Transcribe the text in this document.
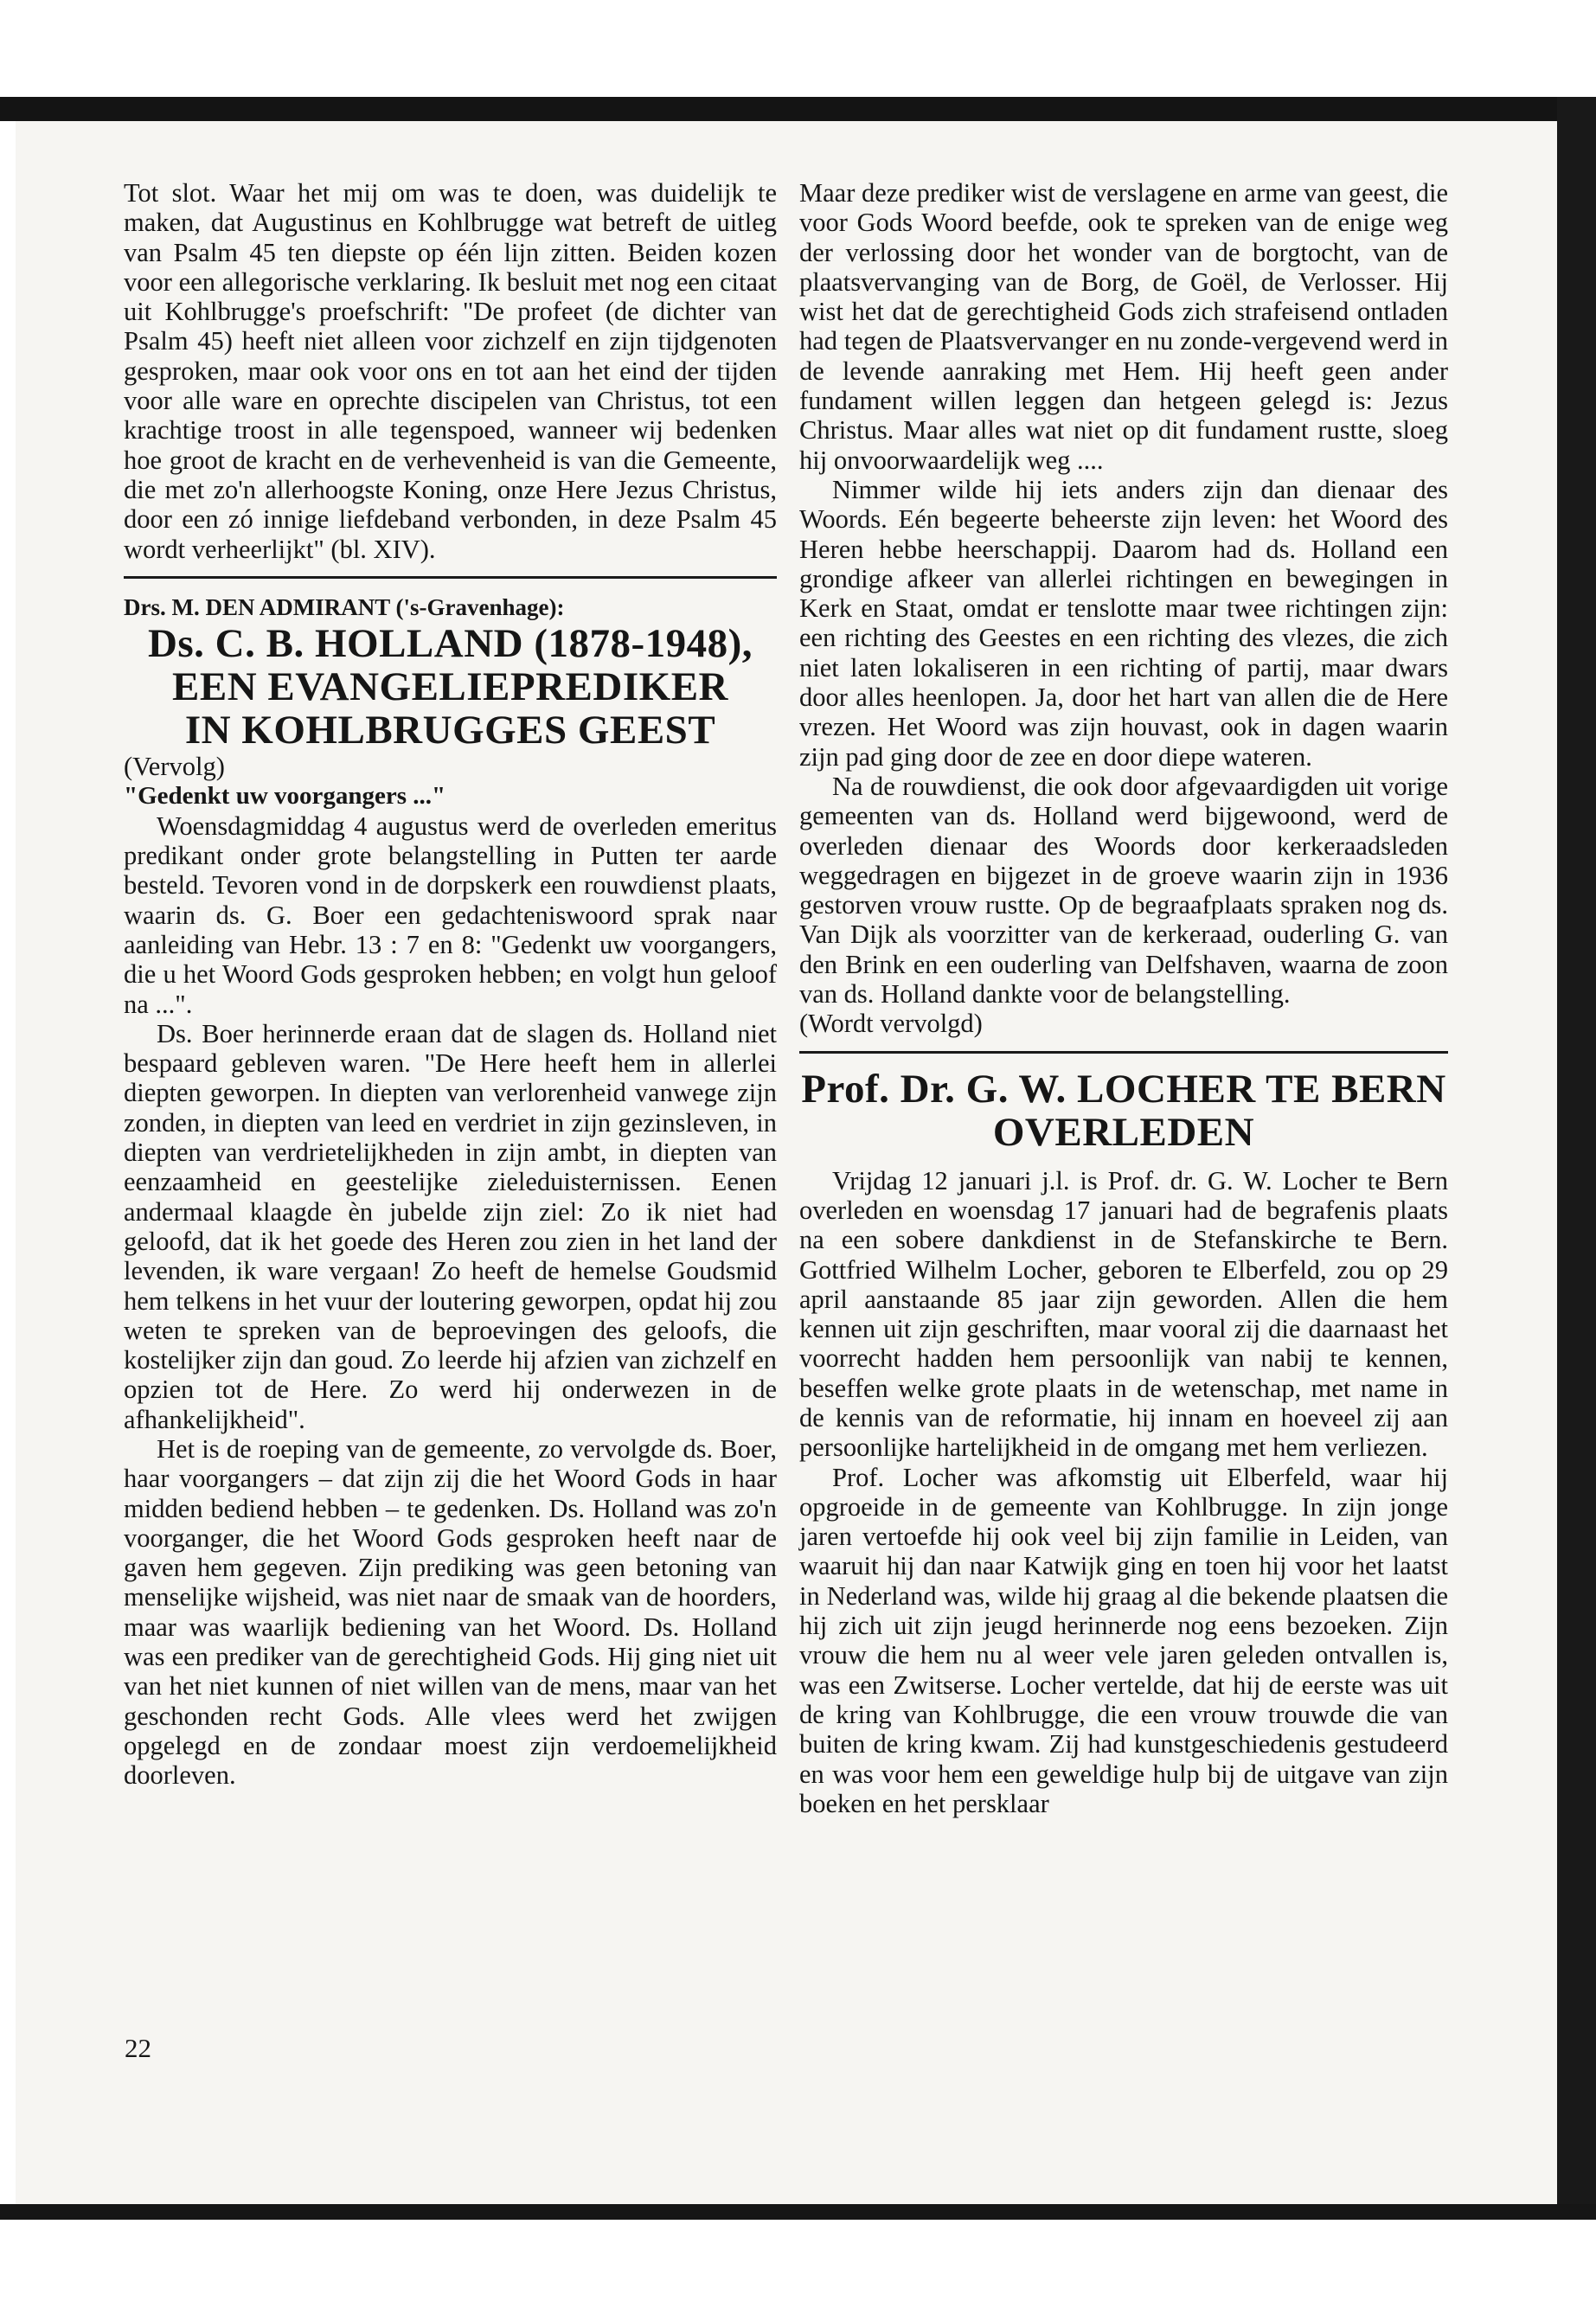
Tot slot. Waar het mij om was te doen, was duidelijk te maken, dat Augustinus en Kohlbrugge wat betreft de uitleg van Psalm 45 ten diepste op één lijn zitten. Beiden kozen voor een allegorische verklaring. Ik besluit met nog een citaat uit Kohlbrugge's proefschrift: "De profeet (de dichter van Psalm 45) heeft niet alleen voor zichzelf en zijn tijdgenoten gesproken, maar ook voor ons en tot aan het eind der tijden voor alle ware en oprechte discipelen van Christus, tot een krachtige troost in alle tegenspoed, wanneer wij bedenken hoe groot de kracht en de verhevenheid is van die Gemeente, die met zo'n allerhoogste Koning, onze Here Jezus Christus, door een zó innige liefdeband verbonden, in deze Psalm 45 wordt verheerlijkt" (bl. XIV).

Drs. M. DEN ADMIRANT ('s-Gravenhage):

Ds. C. B. HOLLAND (1878-1948),
EEN EVANGELIEPREDIKER
IN KOHLBRUGGES GEEST

(Vervolg)

"Gedenkt uw voorgangers ..."

Woensdagmiddag 4 augustus werd de overleden emeritus predikant onder grote belangstelling in Putten ter aarde besteld. Tevoren vond in de dorpskerk een rouwdienst plaats, waarin ds. G. Boer een gedachteniswoord sprak naar aanleiding van Hebr. 13 : 7 en 8: "Gedenkt uw voorgangers, die u het Woord Gods gesproken hebben; en volgt hun geloof na ...".

Ds. Boer herinnerde eraan dat de slagen ds. Holland niet bespaard gebleven waren. "De Here heeft hem in allerlei diepten geworpen. In diepten van verlorenheid vanwege zijn zonden, in diepten van leed en verdriet in zijn gezinsleven, in diepten van verdrietelijkheden in zijn ambt, in diepten van eenzaamheid en geestelijke zieleduisternissen. Eenen andermaal klaagde èn jubelde zijn ziel: Zo ik niet had geloofd, dat ik het goede des Heren zou zien in het land der levenden, ik ware vergaan! Zo heeft de hemelse Goudsmid hem telkens in het vuur der loutering geworpen, opdat hij zou weten te spreken van de beproevingen des geloofs, die kostelijker zijn dan goud. Zo leerde hij afzien van zichzelf en opzien tot de Here. Zo werd hij onderwezen in de afhankelijkheid".

Het is de roeping van de gemeente, zo vervolgde ds. Boer, haar voorgangers – dat zijn zij die het Woord Gods in haar midden bediend hebben – te gedenken. Ds. Holland was zo'n voorganger, die het Woord Gods gesproken heeft naar de gaven hem gegeven. Zijn prediking was geen betoning van menselijke wijsheid, was niet naar de smaak van de hoorders, maar was waarlijk bediening van het Woord. Ds. Holland was een prediker van de gerechtigheid Gods. Hij ging niet uit van het niet kunnen of niet willen van de mens, maar van het geschonden recht Gods. Alle vlees werd het zwijgen opgelegd en de zondaar moest zijn verdoemelijkheid doorleven.

Maar deze prediker wist de verslagene en arme van geest, die voor Gods Woord beefde, ook te spreken van de enige weg der verlossing door het wonder van de borgtocht, van de plaatsvervanging van de Borg, de Goël, de Verlosser. Hij wist het dat de gerechtigheid Gods zich strafeisend ontladen had tegen de Plaatsvervanger en nu zonde-vergevend werd in de levende aanraking met Hem. Hij heeft geen ander fundament willen leggen dan hetgeen gelegd is: Jezus Christus. Maar alles wat niet op dit fundament rustte, sloeg hij onvoorwaardelijk weg ....

Nimmer wilde hij iets anders zijn dan dienaar des Woords. Eén begeerte beheerste zijn leven: het Woord des Heren hebbe heerschappij. Daarom had ds. Holland een grondige afkeer van allerlei richtingen en bewegingen in Kerk en Staat, omdat er tenslotte maar twee richtingen zijn: een richting des Geestes en een richting des vlezes, die zich niet laten lokaliseren in een richting of partij, maar dwars door alles heenlopen. Ja, door het hart van allen die de Here vrezen. Het Woord was zijn houvast, ook in dagen waarin zijn pad ging door de zee en door diepe wateren.

Na de rouwdienst, die ook door afgevaardigden uit vorige gemeenten van ds. Holland werd bijgewoond, werd de overleden dienaar des Woords door kerkeraadsleden weggedragen en bijgezet in de groeve waarin zijn in 1936 gestorven vrouw rustte. Op de begraafplaats spraken nog ds. Van Dijk als voorzitter van de kerkeraad, ouderling G. van den Brink en een ouderling van Delfshaven, waarna de zoon van ds. Holland dankte voor de belangstelling.

(Wordt vervolgd)

Prof. Dr. G. W. LOCHER TE BERN
OVERLEDEN

Vrijdag 12 januari j.l. is Prof. dr. G. W. Locher te Bern overleden en woensdag 17 januari had de begrafenis plaats na een sobere dankdienst in de Stefanskirche te Bern. Gottfried Wilhelm Locher, geboren te Elberfeld, zou op 29 april aanstaande 85 jaar zijn geworden. Allen die hem kennen uit zijn geschriften, maar vooral zij die daarnaast het voorrecht hadden hem persoonlijk van nabij te kennen, beseffen welke grote plaats in de wetenschap, met name in de kennis van de reformatie, hij innam en hoeveel zij aan persoonlijke hartelijkheid in de omgang met hem verliezen.

Prof. Locher was afkomstig uit Elberfeld, waar hij opgroeide in de gemeente van Kohlbrugge. In zijn jonge jaren vertoefde hij ook veel bij zijn familie in Leiden, van waaruit hij dan naar Katwijk ging en toen hij voor het laatst in Nederland was, wilde hij graag al die bekende plaatsen die hij zich uit zijn jeugd herinnerde nog eens bezoeken. Zijn vrouw die hem nu al weer vele jaren geleden ontvallen is, was een Zwitserse. Locher vertelde, dat hij de eerste was uit de kring van Kohlbrugge, die een vrouw trouwde die van buiten de kring kwam. Zij had kunstgeschiedenis gestudeerd en was voor hem een geweldige hulp bij de uitgave van zijn boeken en het persklaar

22
